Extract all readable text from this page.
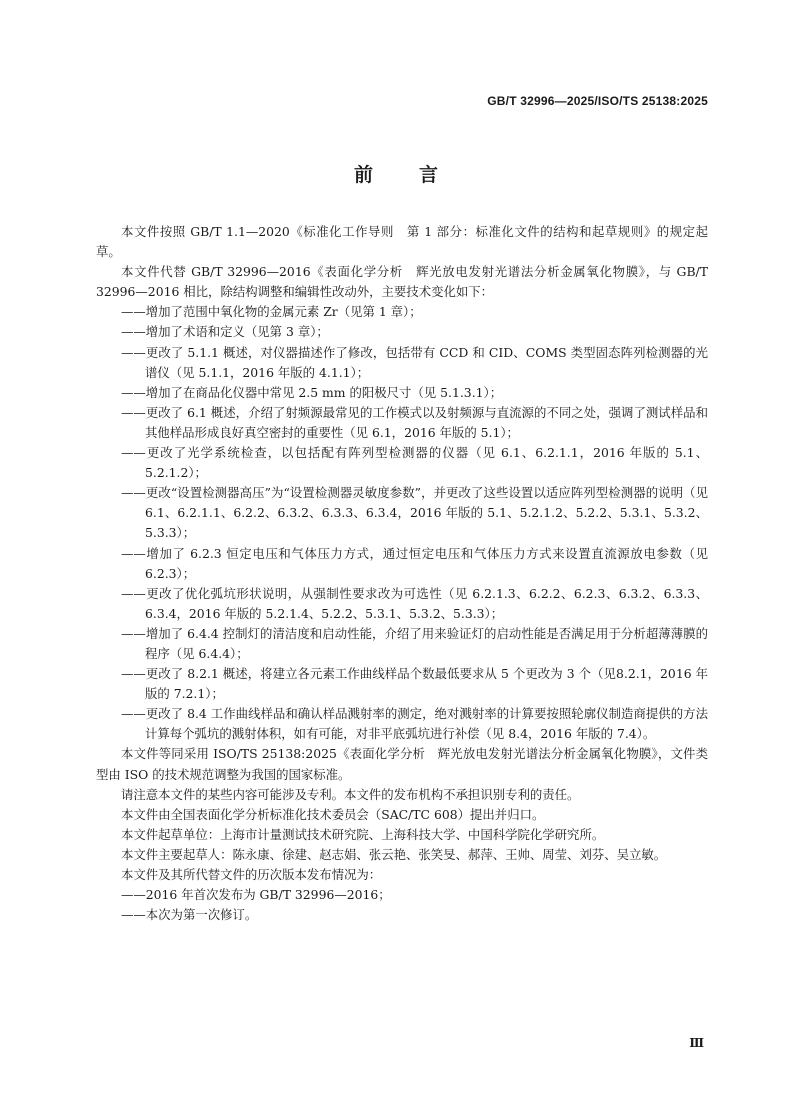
GB/T 32996—2025/ISO/TS 25138:2025
前言

本文件按照 GB/T 1.1—2020《标准化工作导则　第 1 部分：标准化文件的结构和起草规则》的规定起草。

本文件代替 GB/T 32996—2016《表面化学分析　辉光放电发射光谱法分析金属氧化物膜》，与 GB/T 32996—2016 相比，除结构调整和编辑性改动外，主要技术变化如下：

——增加了范围中氧化物的金属元素 Zr（见第 1 章）；

——增加了术语和定义（见第 3 章）；

——更改了 5.1.1 概述，对仪器描述作了修改，包括带有 CCD 和 CID、COMS 类型固态阵列检测器的光谱仪（见 5.1.1，2016 年版的 4.1.1）；

——增加了在商品化仪器中常见 2.5 mm 的阳极尺寸（见 5.1.3.1）；

——更改了 6.1 概述，介绍了射频源最常见的工作模式以及射频源与直流源的不同之处，强调了测试样品和其他样品形成良好真空密封的重要性（见 6.1，2016 年版的 5.1）；

——更改了光学系统检查，以包括配有阵列型检测器的仪器（见 6.1、6.2.1.1，2016 年版的 5.1、5.2.1.2）；

——更改“设置检测器高压”为“设置检测器灵敏度参数”，并更改了这些设置以适应阵列型检测器的说明（见 6.1、6.2.1.1、6.2.2、6.3.2、6.3.3、6.3.4，2016 年版的 5.1、5.2.1.2、5.2.2、5.3.1、5.3.2、5.3.3）；

——增加了 6.2.3 恒定电压和气体压力方式，通过恒定电压和气体压力方式来设置直流源放电参数（见 6.2.3）；

——更改了优化弧坑形状说明，从强制性要求改为可选性（见 6.2.1.3、6.2.2、6.2.3、6.3.2、6.3.3、6.3.4，2016 年版的 5.2.1.4、5.2.2、5.3.1、5.3.2、5.3.3）；

——增加了 6.4.4 控制灯的清洁度和启动性能，介绍了用来验证灯的启动性能是否满足用于分析超薄薄膜的程序（见 6.4.4）；

——更改了 8.2.1 概述，将建立各元素工作曲线样品个数最低要求从 5 个更改为 3 个（见8.2.1，2016 年版的 7.2.1）；

——更改了 8.4 工作曲线样品和确认样品溅射率的测定，绝对溅射率的计算要按照轮廓仪制造商提供的方法计算每个弧坑的溅射体积，如有可能，对非平底弧坑进行补偿（见 8.4，2016 年版的 7.4）。

本文件等同采用 ISO/TS 25138:2025《表面化学分析　辉光放电发射光谱法分析金属氧化物膜》，文件类型由 ISO 的技术规范调整为我国的国家标准。

请注意本文件的某些内容可能涉及专利。本文件的发布机构不承担识别专利的责任。

本文件由全国表面化学分析标准化技术委员会（SAC/TC 608）提出并归口。

本文件起草单位：上海市计量测试技术研究院、上海科技大学、中国科学院化学研究所。

本文件主要起草人：陈永康、徐建、赵志娟、张云艳、张笑旻、郝萍、王帅、周莹、刘芬、吴立敏。

本文件及其所代替文件的历次版本发布情况为：

——2016 年首次发布为 GB/T 32996—2016；

——本次为第一次修订。

Ⅲ
